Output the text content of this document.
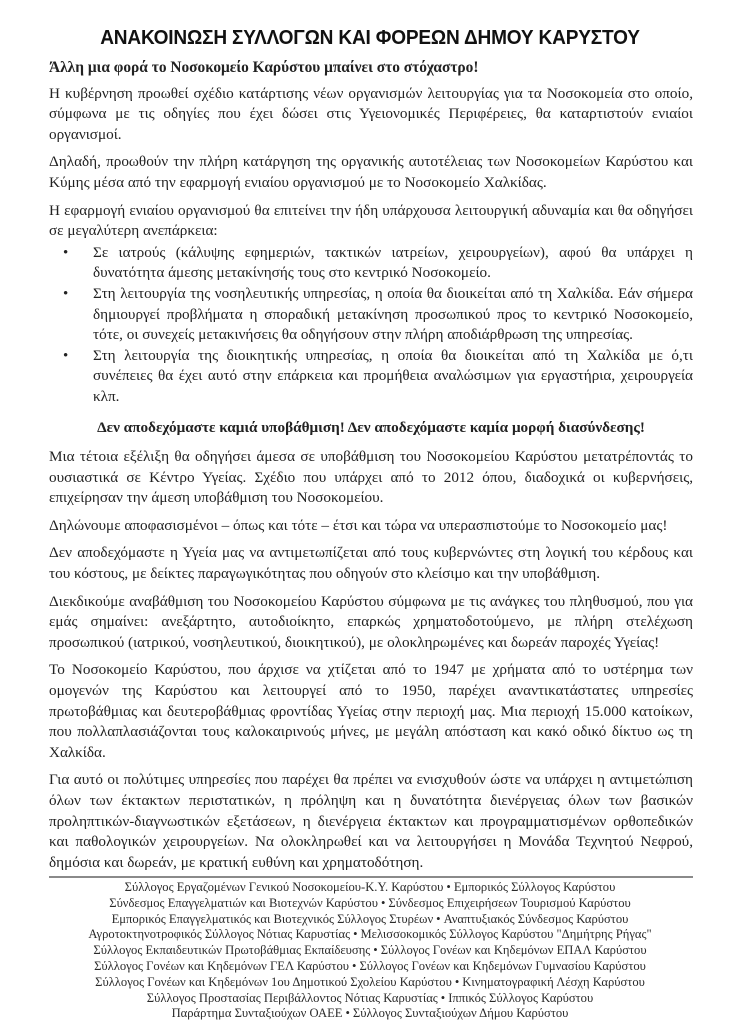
ΑΝΑΚΟΙΝΩΣΗ ΣΥΛΛΟΓΩΝ ΚΑΙ ΦΟΡΕΩΝ ΔΗΜΟΥ ΚΑΡΥΣΤΟΥ

Άλλη μια φορά το Νοσοκομείο Καρύστου μπαίνει στο στόχαστρο!

Η κυβέρνηση προωθεί σχέδιο κατάρτισης νέων οργανισμών λειτουργίας για τα Νοσοκομεία στο οποίο, σύμφωνα με τις οδηγίες που έχει δώσει στις Υγειονομικές Περιφέρειες, θα καταρτιστούν ενιαίοι οργανισμοί.

Δηλαδή, προωθούν την πλήρη κατάργηση της οργανικής αυτοτέλειας των Νοσοκομείων Καρύστου και Κύμης μέσα από την εφαρμογή ενιαίου οργανισμού με το Νοσοκομείο Χαλκίδας.

Η εφαρμογή ενιαίου οργανισμού θα επιτείνει την ήδη υπάρχουσα λειτουργική αδυναμία και θα οδηγήσει σε μεγαλύτερη ανεπάρκεια:

•	Σε ιατρούς (κάλυψης εφημεριών, τακτικών ιατρείων, χειρουργείων), αφού θα υπάρχει η δυνατότητα άμεσης μετακίνησής τους στο κεντρικό Νοσοκομείο.
•	Στη λειτουργία της νοσηλευτικής υπηρεσίας, η οποία θα διοικείται από τη Χαλκίδα. Εάν σήμερα δημιουργεί προβλήματα η σποραδική μετακίνηση προσωπικού προς το κεντρικό Νοσοκομείο, τότε, οι συνεχείς μετακινήσεις θα οδηγήσουν στην πλήρη αποδιάρθρωση της υπηρεσίας.
•	Στη λειτουργία της διοικητικής υπηρεσίας, η οποία θα διοικείται από τη Χαλκίδα με ό,τι συνέπειες θα έχει αυτό στην επάρκεια και προμήθεια αναλώσιμων για εργαστήρια, χειρουργεία κλπ.

Δεν αποδεχόμαστε καμιά υποβάθμιση! Δεν αποδεχόμαστε καμία μορφή διασύνδεσης!

Μια τέτοια εξέλιξη θα οδηγήσει άμεσα σε υποβάθμιση του Νοσοκομείου Καρύστου μετατρέποντάς το ουσιαστικά σε Κέντρο Υγείας. Σχέδιο που υπάρχει από το 2012 όπου, διαδοχικά οι κυβερνήσεις, επιχείρησαν την άμεση υποβάθμιση του Νοσοκομείου.

Δηλώνουμε αποφασισμένοι – όπως και τότε – έτσι και τώρα να υπερασπιστούμε το Νοσοκομείο μας!

Δεν αποδεχόμαστε η Υγεία μας να αντιμετωπίζεται από τους κυβερνώντες στη λογική του κέρδους και του κόστους, με δείκτες παραγωγικότητας που οδηγούν στο κλείσιμο και την υποβάθμιση.

Διεκδικούμε αναβάθμιση του Νοσοκομείου Καρύστου σύμφωνα με τις ανάγκες του πληθυσμού, που για εμάς σημαίνει: ανεξάρτητο, αυτοδιοίκητο, επαρκώς χρηματοδοτούμενο, με πλήρη στελέχωση προσωπικού (ιατρικού, νοσηλευτικού, διοικητικού), με ολοκληρωμένες και δωρεάν παροχές Υγείας!

Το Νοσοκομείο Καρύστου, που άρχισε να χτίζεται από το 1947 με χρήματα από το υστέρημα των ομογενών της Καρύστου και λειτουργεί από το 1950, παρέχει αναντικατάστατες υπηρεσίες πρωτοβάθμιας και δευτεροβάθμιας φροντίδας Υγείας στην περιοχή μας. Μια περιοχή 15.000 κατοίκων, που πολλαπλασιάζονται τους καλοκαιρινούς μήνες, με μεγάλη απόσταση και κακό οδικό δίκτυο ως τη Χαλκίδα.

Για αυτό οι πολύτιμες υπηρεσίες που παρέχει θα πρέπει να ενισχυθούν ώστε να υπάρχει η αντιμετώπιση όλων των έκτακτων περιστατικών, η πρόληψη και η δυνατότητα διενέργειας όλων των βασικών προληπτικών-διαγνωστικών εξετάσεων, η διενέργεια έκτακτων και προγραμματισμένων ορθοπεδικών και παθολογικών χειρουργείων. Να ολοκληρωθεί και να λειτουργήσει η Μονάδα Τεχνητού Νεφρού, δημόσια και δωρεάν, με κρατική ευθύνη και χρηματοδότηση.

Σύλλογος Εργαζομένων Γενικού Νοσοκομείου-Κ.Υ. Καρύστου • Εμπορικός Σύλλογος Καρύστου
Σύνδεσμος Επαγγελματιών και Βιοτεχνών Καρύστου • Σύνδεσμος Επιχειρήσεων Τουρισμού Καρύστου
Εμπορικός Επαγγελματικός και Βιοτεχνικός Σύλλογος Στυρέων • Αναπτυξιακός Σύνδεσμος Καρύστου
Αγροτοκτηνοτροφικός Σύλλογος Νότιας Καρυστίας • Μελισσοκομικός Σύλλογος Καρύστου "Δημήτρης Ρήγας"
Σύλλογος Εκπαιδευτικών Πρωτοβάθμιας Εκπαίδευσης • Σύλλογος Γονέων και Κηδεμόνων ΕΠΑΛ Καρύστου
Σύλλογος Γονέων και Κηδεμόνων ΓΕΛ Καρύστου • Σύλλογος Γονέων και Κηδεμόνων Γυμνασίου Καρύστου
Σύλλογος Γονέων και Κηδεμόνων 1ου Δημοτικού Σχολείου Καρύστου • Κινηματογραφική Λέσχη Καρύστου
Σύλλογος Προστασίας Περιβάλλοντος Νότιας Καρυστίας • Ιππικός Σύλλογος Καρύστου
Παράρτημα Συνταξιούχων ΟΑΕΕ • Σύλλογος Συνταξιούχων Δήμου Καρύστου
